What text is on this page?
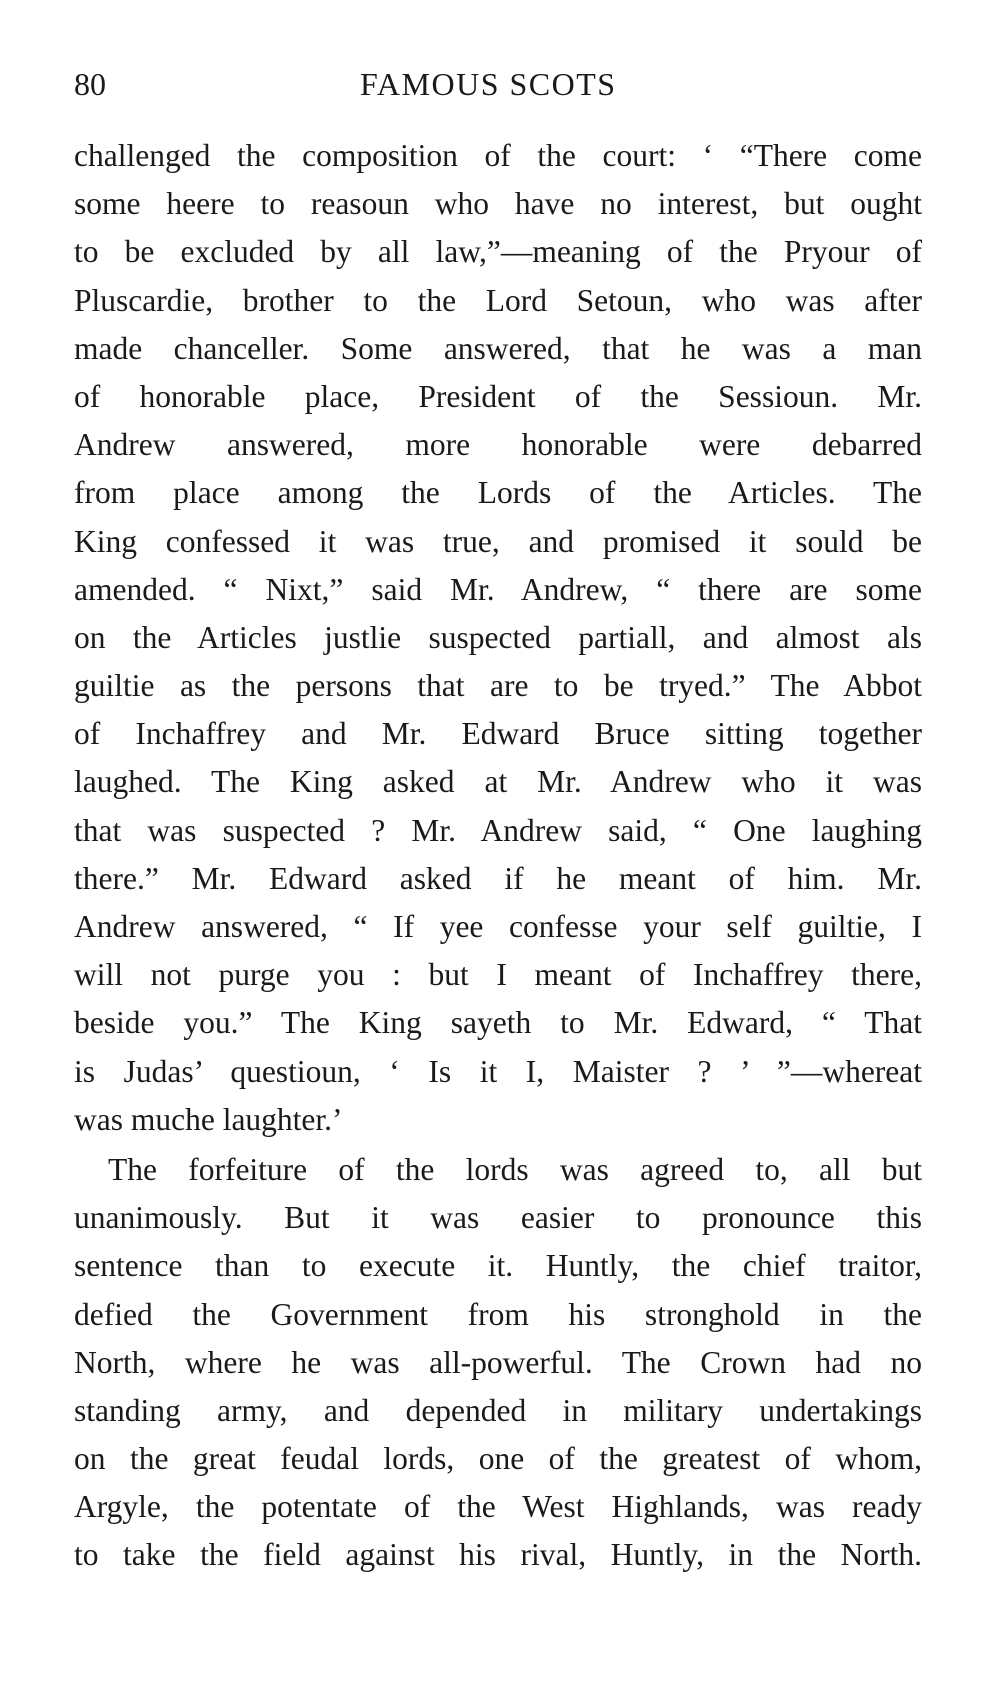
80	FAMOUS SCOTS
challenged the composition of the court: ‘ “There come
some heere to reasoun who have no interest, but ought
to be excluded by all law,”—meaning of the Pryour of
Pluscardie, brother to the Lord Setoun, who was after
made chanceller. Some answered, that he was a man
of honorable place, President of the Sessioun. Mr.
Andrew answered, more honorable were debarred
from place among the Lords of the Articles. The
King confessed it was true, and promised it sould be
amended. “ Nixt,” said Mr. Andrew, “ there are some
on the Articles justlie suspected partiall, and almost als
guiltie as the persons that are to be tryed.” The Abbot
of Inchaffrey and Mr. Edward Bruce sitting together
laughed. The King asked at Mr. Andrew who it was
that was suspected ? Mr. Andrew said, “ One laughing
there.” Mr. Edward asked if he meant of him. Mr.
Andrew answered, “ If yee confesse your self guiltie, I
will not purge you : but I meant of Inchaffrey there,
beside you.” The King sayeth to Mr. Edward, “ That
is Judas’ questioun, ‘ Is it I, Maister ? ’ ”—whereat
was muche laughter.’
The forfeiture of the lords was agreed to, all but
unanimously. But it was easier to pronounce this
sentence than to execute it. Huntly, the chief traitor,
defied the Government from his stronghold in the
North, where he was all-powerful. The Crown had no
standing army, and depended in military undertakings
on the great feudal lords, one of the greatest of whom,
Argyle, the potentate of the West Highlands, was ready
to take the field against his rival, Huntly, in the North.
